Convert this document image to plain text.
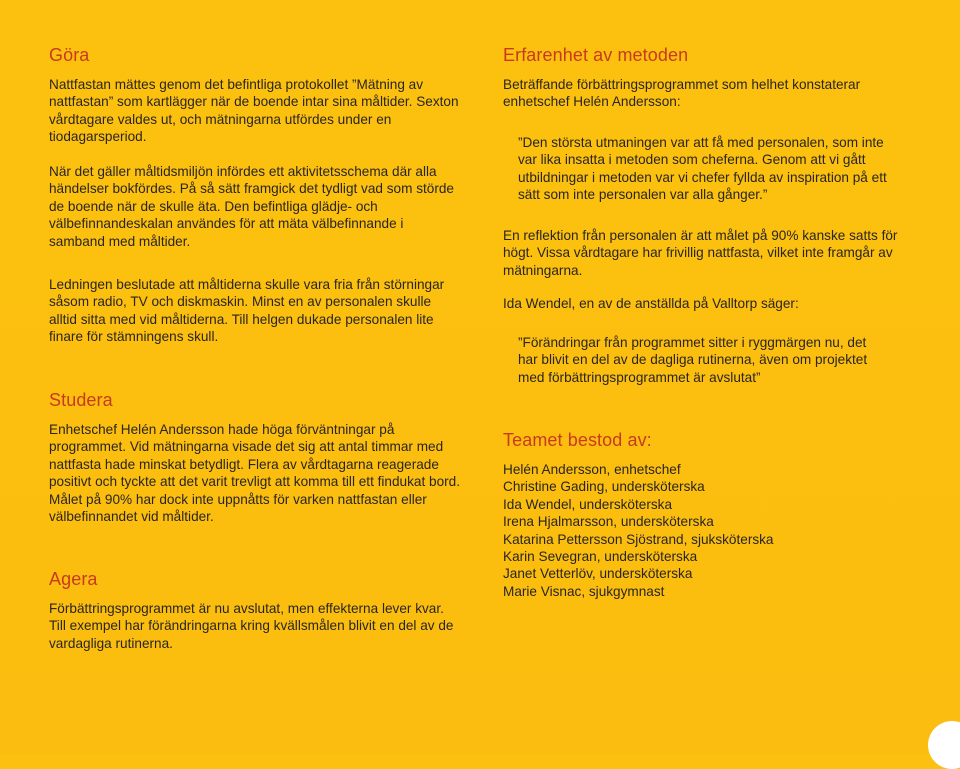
Göra

Nattfastan mättes genom det befintliga protokollet ”Mätning av nattfastan” som kartlägger när de boende intar sina måltider. Sexton vårdtagare valdes ut, och mätningarna utfördes under en tiodagarsperiod.

När det gäller måltidsmiljön infördes ett aktivitetsschema där alla händelser bokfördes. På så sätt framgick det tydligt vad som störde de boende när de skulle äta. Den befintliga glädje- och välbefinnandeskalan användes för att mäta välbefinnande i samband med måltider.

Ledningen beslutade att måltiderna skulle vara fria från störningar såsom radio, TV och diskmaskin. Minst en av personalen skulle alltid sitta med vid måltiderna. Till helgen dukade personalen lite finare för stämningens skull.

Studera

Enhetschef Helén Andersson hade höga förväntningar på programmet. Vid mätningarna visade det sig att antal timmar med nattfasta hade minskat betydligt. Flera av vårdtagarna reagerade positivt och tyckte att det varit trevligt att komma till ett findukat bord. Målet på 90% har dock inte uppnåtts för varken nattfastan eller välbefinnandet vid måltider.

Agera

Förbättringsprogrammet är nu avslutat, men effekterna lever kvar. Till exempel har förändringarna kring kvällsmålen blivit en del av de vardagliga rutinerna.

Erfarenhet av metoden

Beträffande förbättringsprogrammet som helhet konstaterar enhetschef Helén Andersson:

”Den största utmaningen var att få med personalen, som inte var lika insatta i metoden som cheferna. Genom att vi gått utbildningar i metoden var vi chefer fyllda av inspiration på ett sätt som inte personalen var alla gånger.”

En reflektion från personalen är att målet på 90% kanske satts för högt. Vissa vårdtagare har frivillig nattfasta, vilket inte framgår av mätningarna.

Ida Wendel, en av de anställda på Valltorp säger:

”Förändringar från programmet sitter i ryggmärgen nu, det har blivit en del av de dagliga rutinerna, även om projektet med förbättringsprogrammet är avslutat”

Teamet bestod av:
Helén Andersson, enhetschef
Christine Gading, undersköterska
Ida Wendel, undersköterska
Irena Hjalmarsson, undersköterska
Katarina Pettersson Sjöstrand, sjuksköterska
Karin Sevegran, undersköterska
Janet Vetterlöv, undersköterska
Marie Visnac, sjukgymnast
